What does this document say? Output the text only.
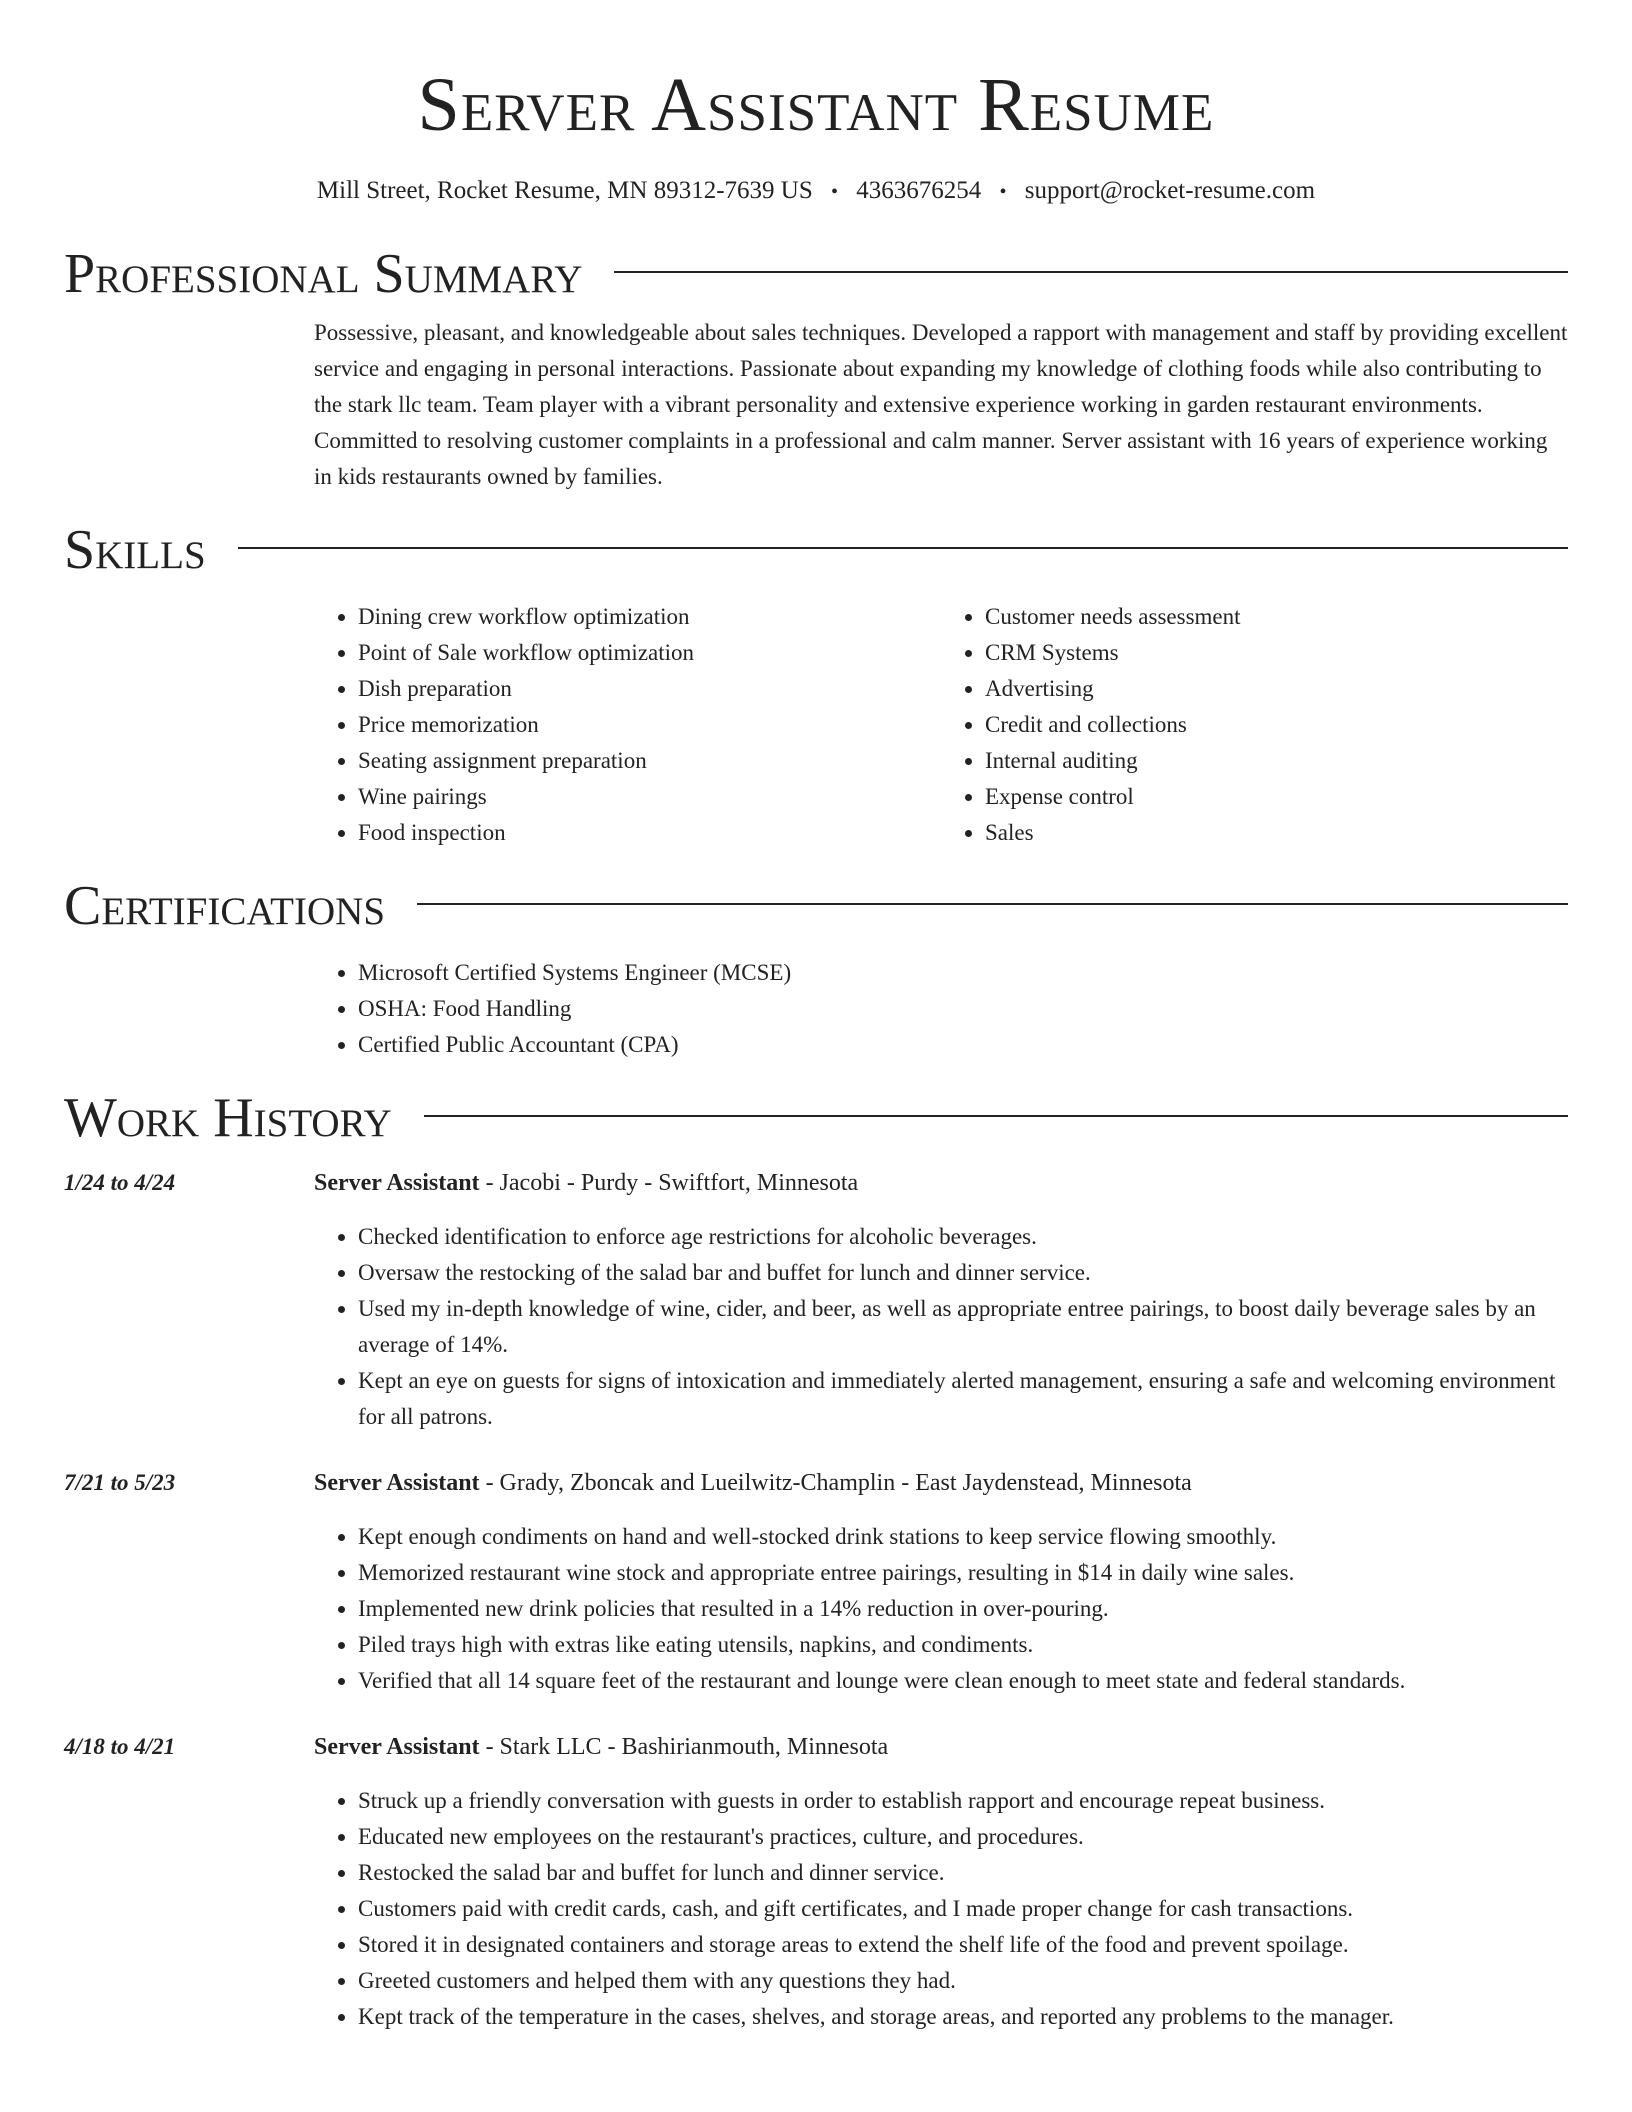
Server Assistant Resume
Mill Street, Rocket Resume, MN 89312-7639 US • 4363676254 • support@rocket-resume.com
Professional Summary

Possessive, pleasant, and knowledgeable about sales techniques. Developed a rapport with management and staff by providing excellent service and engaging in personal interactions. Passionate about expanding my knowledge of clothing foods while also contributing to the stark llc team. Team player with a vibrant personality and extensive experience working in garden restaurant environments. Committed to resolving customer complaints in a professional and calm manner. Server assistant with 16 years of experience working in kids restaurants owned by families.

Skills
• Dining crew workflow optimization
• Point of Sale workflow optimization
• Dish preparation
• Price memorization
• Seating assignment preparation
• Wine pairings
• Food inspection
• Customer needs assessment
• CRM Systems
• Advertising
• Credit and collections
• Internal auditing
• Expense control
• Sales
Certifications
• Microsoft Certified Systems Engineer (MCSE)
• OSHA: Food Handling
• Certified Public Accountant (CPA)
Work History
1/24 to 4/24	Server Assistant - Jacobi - Purdy - Swiftfort, Minnesota
• Checked identification to enforce age restrictions for alcoholic beverages.
• Oversaw the restocking of the salad bar and buffet for lunch and dinner service.
• Used my in-depth knowledge of wine, cider, and beer, as well as appropriate entree pairings, to boost daily beverage sales by an average of 14%.
• Kept an eye on guests for signs of intoxication and immediately alerted management, ensuring a safe and welcoming environment for all patrons.
7/21 to 5/23	Server Assistant - Grady, Zboncak and Lueilwitz-Champlin - East Jaydenstead, Minnesota
• Kept enough condiments on hand and well-stocked drink stations to keep service flowing smoothly.
• Memorized restaurant wine stock and appropriate entree pairings, resulting in $14 in daily wine sales.
• Implemented new drink policies that resulted in a 14% reduction in over-pouring.
• Piled trays high with extras like eating utensils, napkins, and condiments.
• Verified that all 14 square feet of the restaurant and lounge were clean enough to meet state and federal standards.
4/18 to 4/21	Server Assistant - Stark LLC - Bashirianmouth, Minnesota
• Struck up a friendly conversation with guests in order to establish rapport and encourage repeat business.
• Educated new employees on the restaurant's practices, culture, and procedures.
• Restocked the salad bar and buffet for lunch and dinner service.
• Customers paid with credit cards, cash, and gift certificates, and I made proper change for cash transactions.
• Stored it in designated containers and storage areas to extend the shelf life of the food and prevent spoilage.
• Greeted customers and helped them with any questions they had.
• Kept track of the temperature in the cases, shelves, and storage areas, and reported any problems to the manager.
